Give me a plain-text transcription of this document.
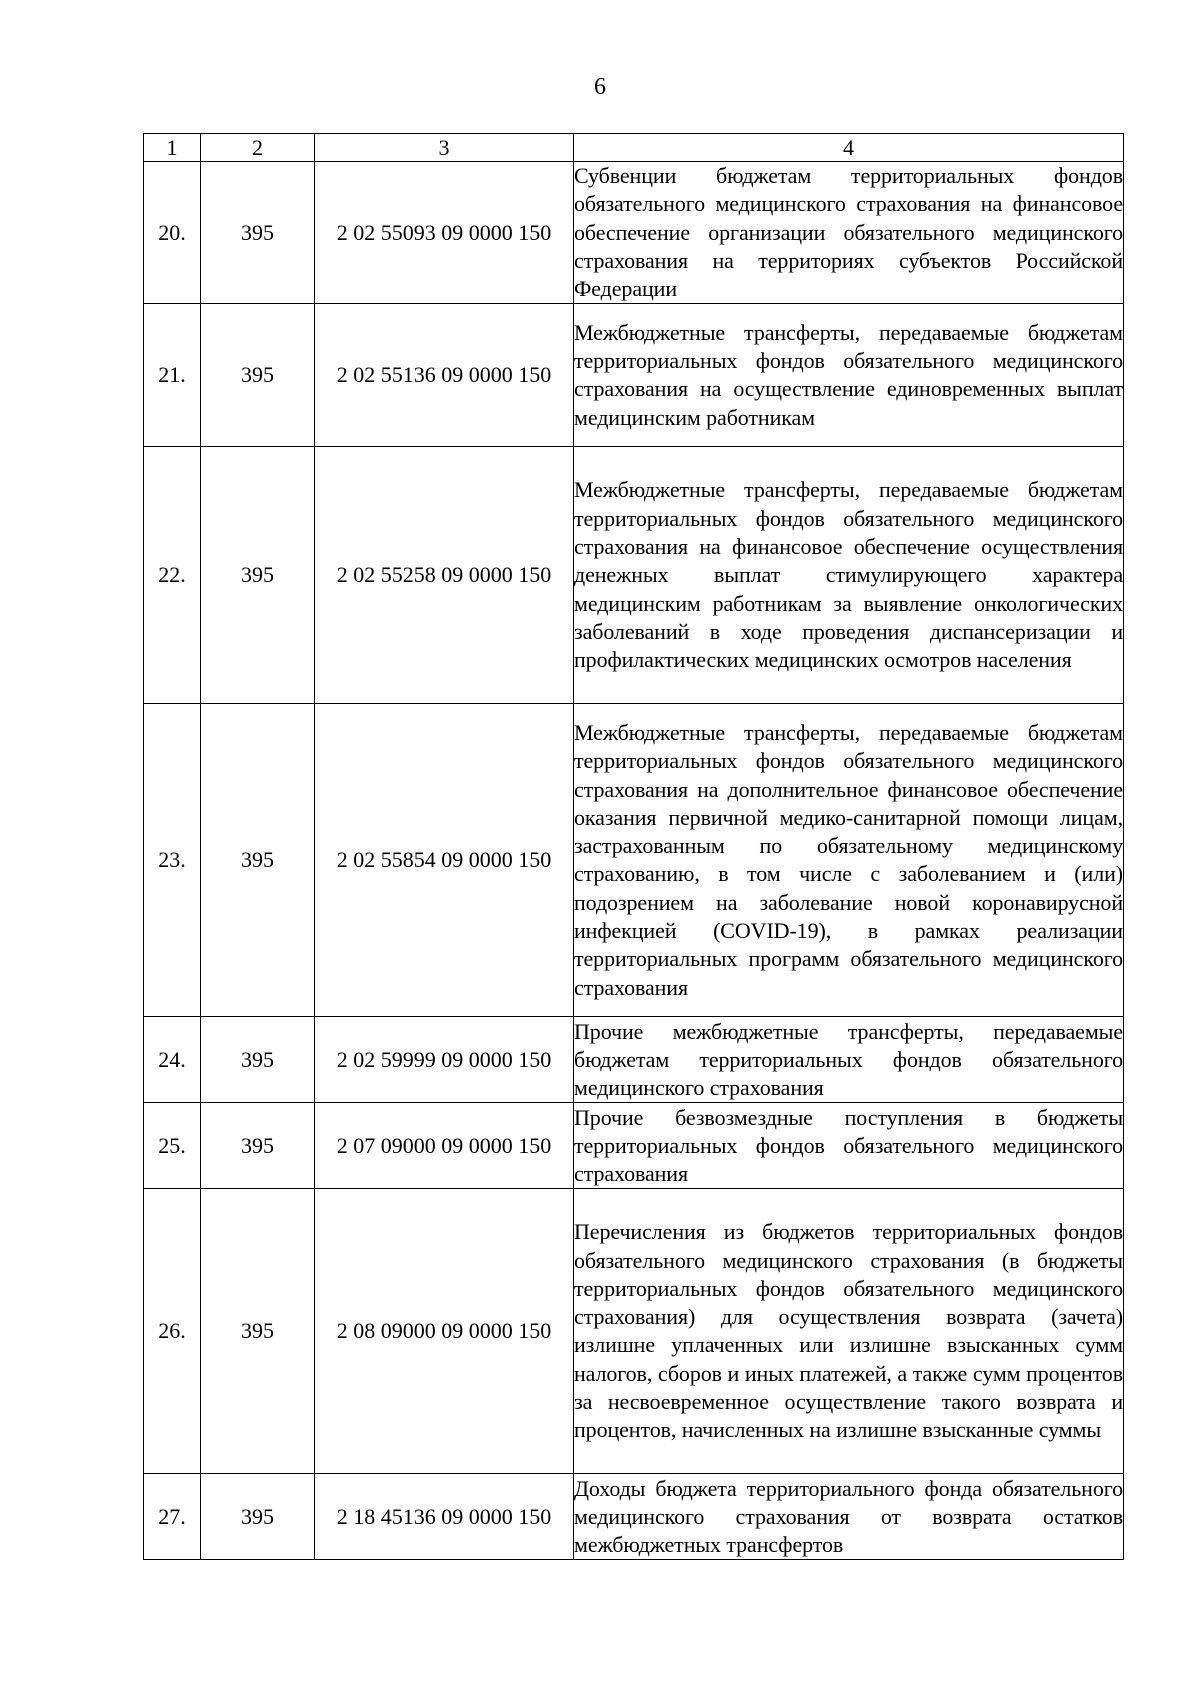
6
1	2	3	4
20.	395	2 02 55093 09 0000 150	Субвенции бюджетам территориальных фондов обязательного медицинского страхования на финансовое обеспечение организации обязательного медицинского страхования на территориях субъектов Российской Федерации
21.	395	2 02 55136 09 0000 150	Межбюджетные трансферты, передаваемые бюджетам территориальных фондов обязательного медицинского страхования на осуществление единовременных выплат медицинским работникам
22.	395	2 02 55258 09 0000 150	Межбюджетные трансферты, передаваемые бюджетам территориальных фондов обязательного медицинского страхования на финансовое обеспечение осуществления денежных выплат стимулирующего характера медицинским работникам за выявление онкологических заболеваний в ходе проведения диспансеризации и профилактических медицинских осмотров населения
23.	395	2 02 55854 09 0000 150	Межбюджетные трансферты, передаваемые бюджетам территориальных фондов обязательного медицинского страхования на дополнительное финансовое обеспечение оказания первичной медико-санитарной помощи лицам, застрахованным по обязательному медицинскому страхованию, в том числе с заболеванием и (или) подозрением на заболевание новой коронавирусной инфекцией (COVID-19), в рамках реализации территориальных программ обязательного медицинского страхования
24.	395	2 02 59999 09 0000 150	Прочие межбюджетные трансферты, передаваемые бюджетам территориальных фондов обязательного медицинского страхования
25.	395	2 07 09000 09 0000 150	Прочие безвозмездные поступления в бюджеты территориальных фондов обязательного медицинского страхования
26.	395	2 08 09000 09 0000 150	Перечисления из бюджетов территориальных фондов обязательного медицинского страхования (в бюджеты территориальных фондов обязательного медицинского страхования) для осуществления возврата (зачета) излишне уплаченных или излишне взысканных сумм налогов, сборов и иных платежей, а также сумм процентов за несвоевременное осуществление такого возврата и процентов, начисленных на излишне взысканные суммы
27.	395	2 18 45136 09 0000 150	Доходы бюджета территориального фонда обязательного медицинского страхования от возврата остатков межбюджетных трансфертов
